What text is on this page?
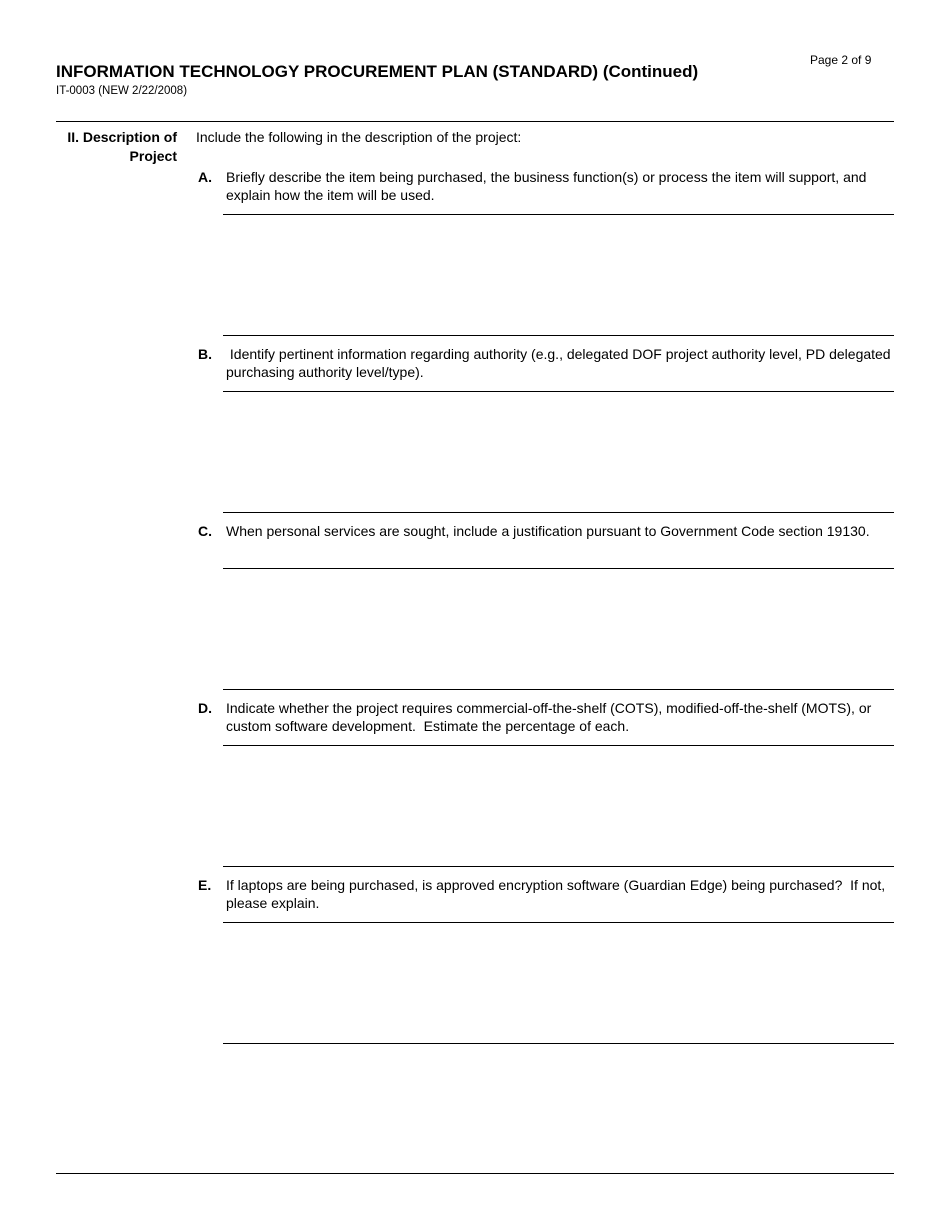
Page 2 of 9
INFORMATION TECHNOLOGY PROCUREMENT PLAN (STANDARD) (Continued)
IT-0003 (NEW 2/22/2008)
II. Description of
Project
Include the following in the description of the project:
A. Briefly describe the item being purchased, the business function(s) or process the item will support, and explain how the item will be used.
B. Identify pertinent information regarding authority (e.g., delegated DOF project authority level, PD delegated purchasing authority level/type).
C. When personal services are sought, include a justification pursuant to Government Code section 19130.
D. Indicate whether the project requires commercial-off-the-shelf (COTS), modified-off-the-shelf (MOTS), or custom software development.  Estimate the percentage of each.
E. If laptops are being purchased, is approved encryption software (Guardian Edge) being purchased?  If not, please explain.
